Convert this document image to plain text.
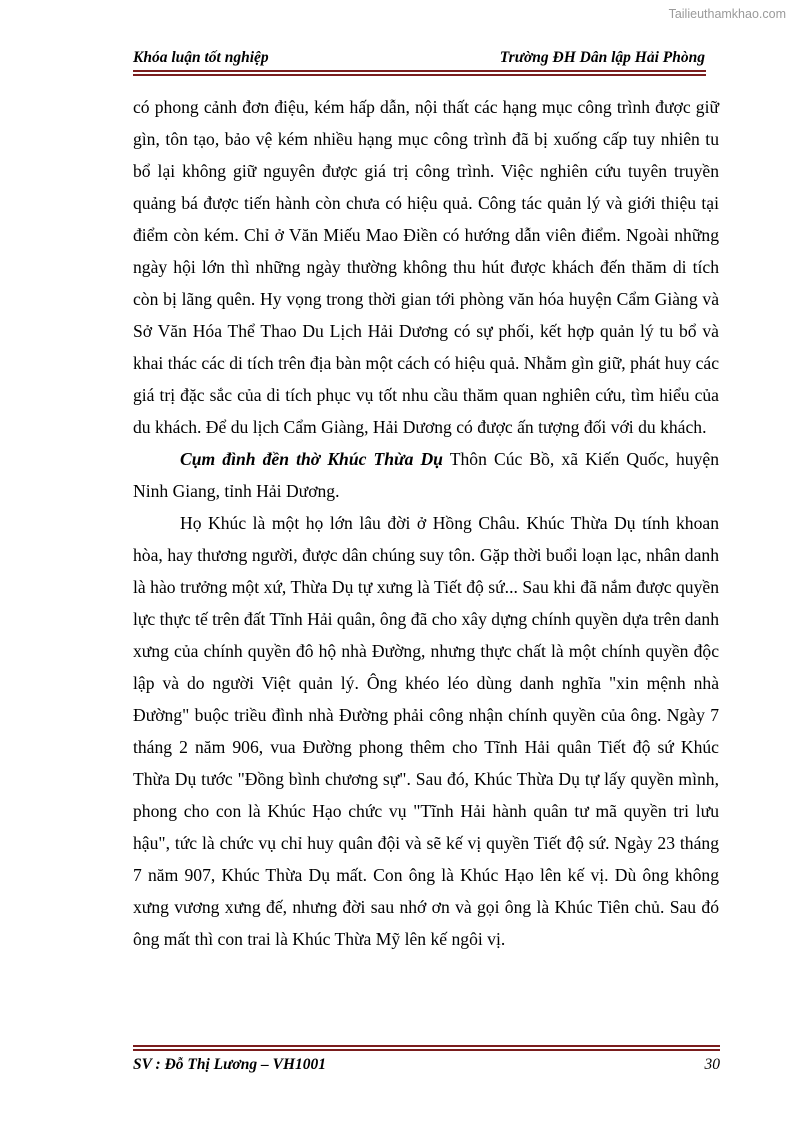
Tailieuthamkhao.com
Khóa luận tốt nghiệp	Trường ĐH Dân lập Hải Phòng

có phong cảnh đơn điệu, kém hấp dẫn, nội thất các hạng mục công trình được giữ gìn, tôn tạo, bảo vệ kém nhiều hạng mục công trình đã bị xuống cấp tuy nhiên tu bổ lại không giữ nguyên được giá trị công trình. Việc nghiên cứu tuyên truyền quảng bá được tiến hành còn chưa có hiệu quả. Công tác quản lý và giới thiệu tại điểm còn kém. Chỉ ở Văn Miếu Mao Điền có hướng dẫn viên điểm. Ngoài những ngày hội lớn thì những ngày thường không thu hút được khách đến thăm di tích còn bị lãng quên. Hy vọng trong thời gian tới phòng văn hóa huyện Cẩm Giàng và Sở Văn Hóa Thể Thao Du Lịch Hải Dương có sự phối, kết hợp quản lý tu bổ và khai thác các di tích trên địa bàn một cách có hiệu quả. Nhằm gìn giữ, phát huy các giá trị đặc sắc của di tích phục vụ tốt nhu cầu thăm quan nghiên cứu, tìm hiểu của du khách. Để du lịch Cẩm Giàng, Hải Dương có được ấn tượng đối với du khách.

Cụm đình đền thờ Khúc Thừa Dụ Thôn Cúc Bồ, xã Kiến Quốc, huyện Ninh Giang, tỉnh Hải Dương.

Họ Khúc là một họ lớn lâu đời ở Hồng Châu. Khúc Thừa Dụ tính khoan hòa, hay thương người, được dân chúng suy tôn. Gặp thời buổi loạn lạc, nhân danh là hào trưởng một xứ, Thừa Dụ tự xưng là Tiết độ sứ... Sau khi đã nắm được quyền lực thực tế trên đất Tĩnh Hải quân, ông đã cho xây dựng chính quyền dựa trên danh xưng của chính quyền đô hộ nhà Đường, nhưng thực chất là một chính quyền độc lập và do người Việt quản lý. Ông khéo léo dùng danh nghĩa "xin mệnh nhà Đường" buộc triều đình nhà Đường phải công nhận chính quyền của ông. Ngày 7 tháng 2 năm 906, vua Đường phong thêm cho Tĩnh Hải quân Tiết độ sứ Khúc Thừa Dụ tước "Đồng bình chương sự". Sau đó, Khúc Thừa Dụ tự lấy quyền mình, phong cho con là Khúc Hạo chức vụ "Tĩnh Hải hành quân tư mã quyền tri lưu hậu", tức là chức vụ chỉ huy quân đội và sẽ kế vị quyền Tiết độ sứ. Ngày 23 tháng 7 năm 907, Khúc Thừa Dụ mất. Con ông là Khúc Hạo lên kế vị. Dù ông không xưng vương xưng đế, nhưng đời sau nhớ ơn và gọi ông là Khúc Tiên chủ. Sau đó ông mất thì con trai là Khúc Thừa Mỹ lên kế ngôi vị.

SV : Đỗ Thị Lương – VH1001	30
